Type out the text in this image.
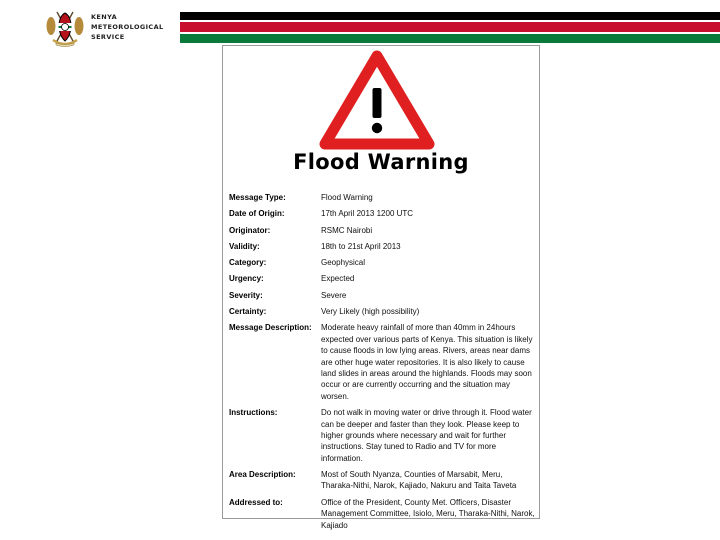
KENYA
METEOROLOGICAL
SERVICE
Flood Warning
Message Type:	Flood Warning
Date of Origin:	17th April 2013 1200 UTC
Originator:	RSMC Nairobi
Validity:	18th to 21st April 2013
Category:	Geophysical
Urgency:	Expected
Severity:	Severe
Certainty:	Very Likely (high possibility)
Message Description:	Moderate heavy rainfall of more than 40mm in 24hours expected over various parts of Kenya. This situation is likely to cause floods in low lying areas. Rivers, areas near dams are other huge water repositories. It is also likely to cause land slides in areas around the highlands. Floods may soon occur or are currently occurring and the situation may worsen.
Instructions:	Do not walk in moving water or drive through it. Flood water can be deeper and faster than they look. Please keep to higher grounds where necessary and wait for further instructions. Stay tuned to Radio and TV for more information.
Area Description:	Most of South Nyanza, Counties of Marsabit, Meru, Tharaka-Nithi, Narok, Kajiado, Nakuru and Taita Taveta
Addressed to:	Office of the President, County Met. Officers, Disaster Management Committee, Isiolo, Meru, Tharaka-Nithi, Narok, Kajiado
